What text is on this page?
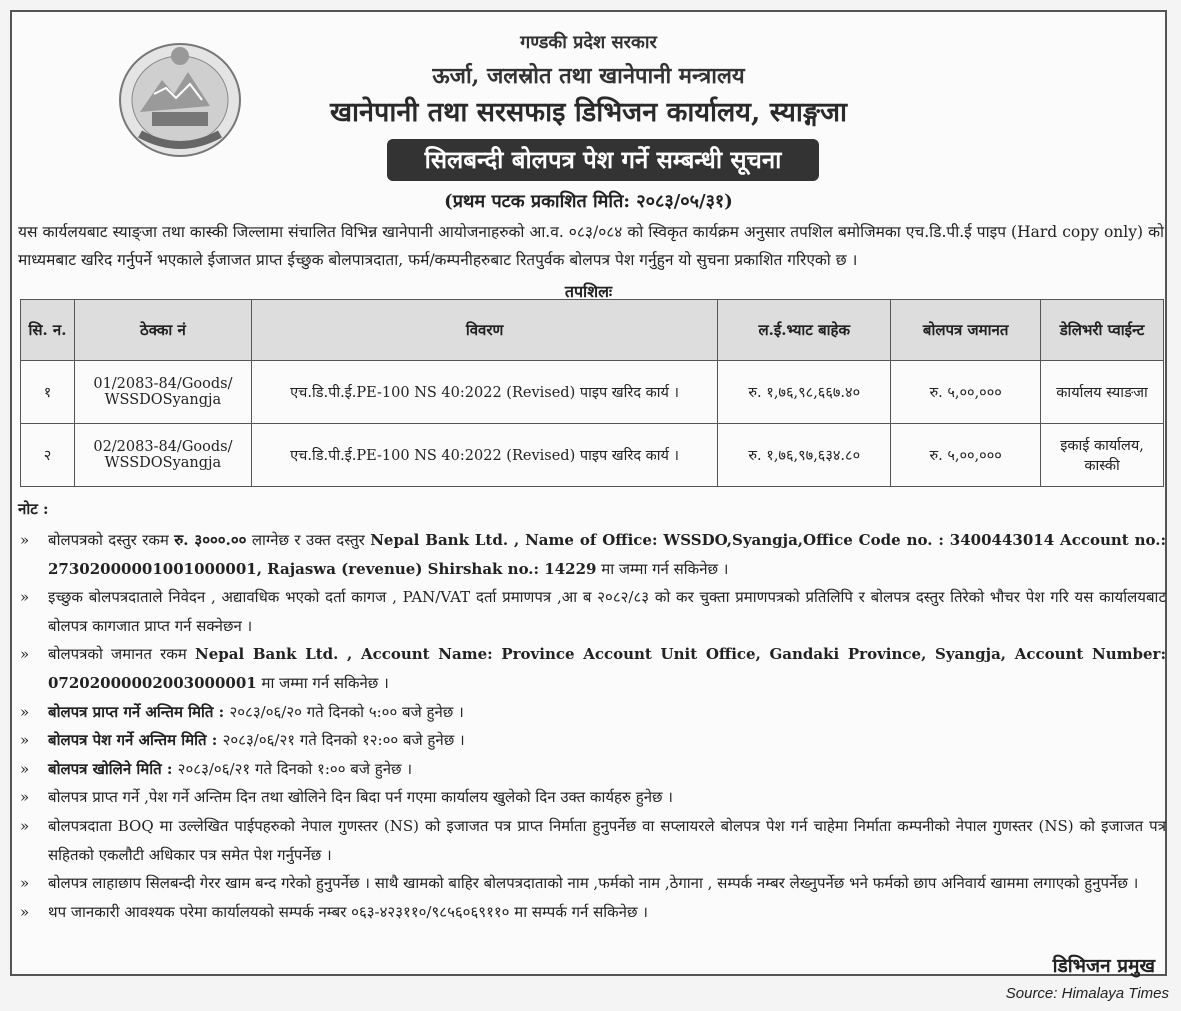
गण्डकी प्रदेश सरकार
ऊर्जा, जलस्रोत तथा खानेपानी मन्त्रालय
खानेपानी तथा सरसफाइ डिभिजन कार्यालय, स्याङ्गजा
सिलबन्दी बोलपत्र पेश गर्ने सम्बन्धी सूचना
(प्रथम पटक प्रकाशित मिति: २०८३/०५/३१)
यस कार्यलयबाट स्याङ्जा तथा कास्की जिल्लामा संचालित विभिन्न खानेपानी आयोजनाहरुको आ.व. ०८३/०८४ को स्विकृत कार्यक्रम अनुसार तपशिल बमोजिमका एच.डि.पी.ई पाइप (Hard copy only) को माध्यमबाट खरिद गर्नुपर्ने भएकाले ईजाजत प्राप्त ईच्छुक बोलपात्रदाता, फर्म/कम्पनीहरुबाट रितपुर्वक बोलपत्र पेश गर्नुहुन यो सुचना प्रकाशित गरिएको छ ।
तपशिलः
सि. न.	ठेक्का नं	विवरण	ल.ई.भ्याट बाहेक	बोलपत्र जमानत	डेलिभरी प्वाईन्ट
१	01/2083-84/Goods/ WSSDOSyangja	एच.डि.पी.ई.PE-100 NS 40:2022 (Revised) पाइप खरिद कार्य ।	रु. १,७६,९८,६६७.४०	रु. ५,००,०००	कार्यालय स्याङजा
२	02/2083-84/Goods/ WSSDOSyangja	एच.डि.पी.ई.PE-100 NS 40:2022 (Revised) पाइप खरिद कार्य ।	रु. १,७६,९७,६३४.८०	रु. ५,००,०००	इकाई कार्यालय, कास्की
नोट :
» बोलपत्रको दस्तुर रकम रु. ३०००.०० लाग्नेछ र उक्त दस्तुर Nepal Bank Ltd. , Name of Office: WSSDO,Syangja,Office Code no. : 3400443014 Account no.: 27302000001001000001, Rajaswa (revenue) Shirshak no.: 14229 मा जम्मा गर्न सकिनेछ ।
» इच्छुक बोलपत्रदाताले निवेदन , अद्यावधिक भएको दर्ता कागज , PAN/VAT दर्ता प्रमाणपत्र ,आ ब २०८२/८३ को कर चुक्ता प्रमाणपत्रको प्रतिलिपि र बोलपत्र दस्तुर तिरेको भौचर पेश गरि यस कार्यालयबाट बोलपत्र कागजात प्राप्त गर्न सक्नेछन ।
» बोलपत्रको जमानत रकम Nepal Bank Ltd. , Account Name: Province Account Unit Office, Gandaki Province, Syangja, Account Number: 07202000002003000001 मा जम्मा गर्न सकिनेछ ।
» बोलपत्र प्राप्त गर्ने अन्तिम मिति : २०८३/०६/२० गते दिनको ५:०० बजे हुनेछ ।
» बोलपत्र पेश गर्ने अन्तिम मिति : २०८३/०६/२१ गते दिनको १२:०० बजे हुनेछ ।
» बोलपत्र खोलिने मिति : २०८३/०६/२१ गते दिनको १:०० बजे हुनेछ ।
» बोलपत्र प्राप्त गर्ने ,पेश गर्ने अन्तिम दिन तथा खोलिने दिन बिदा पर्न गएमा कार्यालय खुलेको दिन उक्त कार्यहरु हुनेछ ।
» बोलपत्रदाता BOQ मा उल्लेखित पाईपहरुको नेपाल गुणस्तर (NS) को इजाजत पत्र प्राप्त निर्माता हुनुपर्नेछ वा सप्लायरले बोलपत्र पेश गर्न चाहेमा निर्माता कम्पनीको नेपाल गुणस्तर (NS) को इजाजत पत्र सहितको एकलौटी अधिकार पत्र समेत पेश गर्नुपर्नेछ ।
» बोलपत्र लाहाछाप सिलबन्दी गेरर खाम बन्द गरेको हुनुपर्नेछ । साथै खामको बाहिर बोलपत्रदाताको नाम ,फर्मको नाम ,ठेगाना , सम्पर्क नम्बर लेख्नुपर्नेछ भने फर्मको छाप अनिवार्य खाममा लगाएको हुनुपर्नेछ ।
» थप जानकारी आवश्यक परेमा कार्यालयको सम्पर्क नम्बर ०६३-४२३११०/९८५६०६९११० मा सम्पर्क गर्न सकिनेछ ।
डिभिजन प्रमुख
Source: Himalaya Times
